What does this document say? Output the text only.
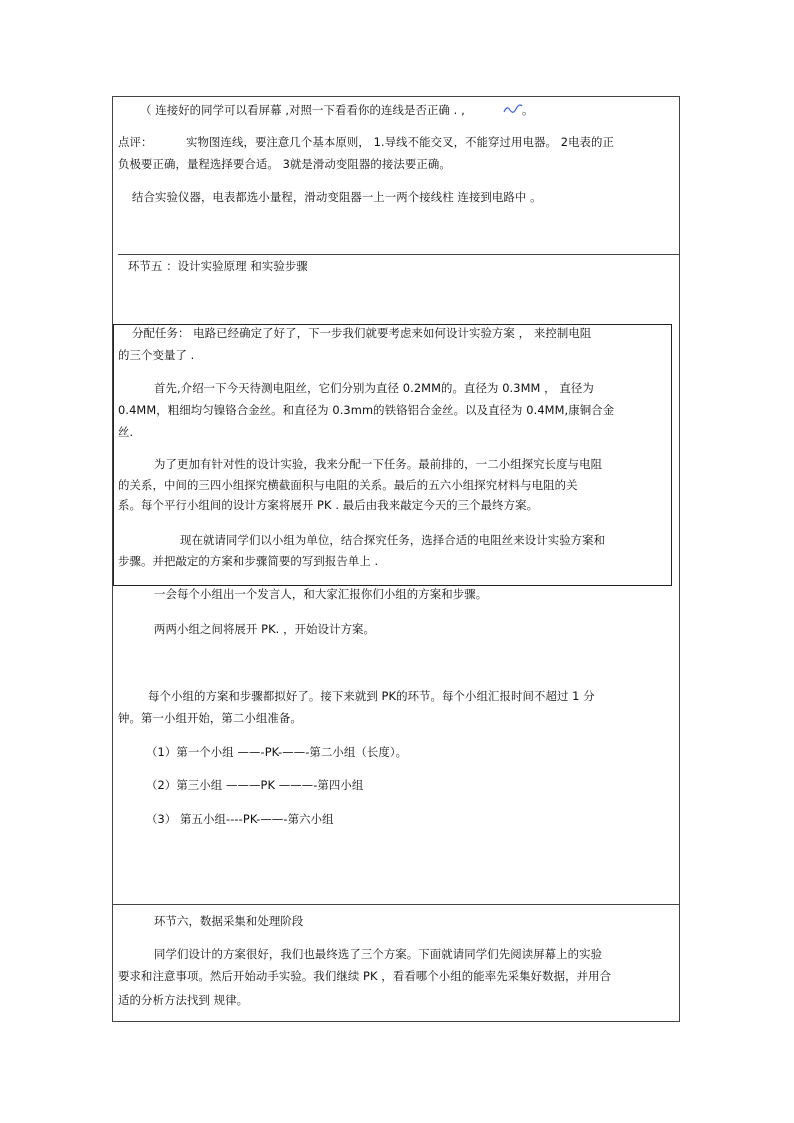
（ 连接好的同学可以看屏幕 ,对照一下看看你的连线是否正确 . ,	。
点评：	实物图连线，要注意几个基本原则， 1.导线不能交叉，不能穿过用电器。 2电表的正
负极要正确，量程选择要合适。 3就是滑动变阻器的接法要正确。
结合实验仪器，电表都选小量程，滑动变阻器一上一两个接线柱 连接到电路中 。
环节五 ：设计实验原理 和实验步骤
分配任务： 电路已经确定了好了，下一步我们就要考虑来如何设计实验方案 ， 来控制电阻
的三个变量了 .
首先,介绍一下今天待测电阻丝，它们分别为直径 0.2MM的。直径为 0.3MM ， 直径为
0.4MM，粗细均匀镍铬合金丝。和直径为 0.3mm的铁铬铝合金丝。以及直径为 0.4MM,康铜合金
丝.
为了更加有针对性的设计实验，我来分配一下任务。最前排的，一二小组探究长度与电阻
的关系，中间的三四小组探究横截面积与电阻的关系。最后的五六小组探究材料与电阻的关
系。每个平行小组间的设计方案将展开 PK . 最后由我来敲定今天的三个最终方案。
现在就请同学们以小组为单位，结合探究任务，选择合适的电阻丝来设计实验方案和
步骤。并把敲定的方案和步骤简要的写到报告单上 .
一会每个小组出一个发言人，和大家汇报你们小组的方案和步骤。
两两小组之间将展开 PK. ，开始设计方案。
每个小组的方案和步骤都拟好了。接下来就到 PK的环节。每个小组汇报时间不超过 1 分
钟。第一小组开始，第二小组准备。
（1）第一个小组 ——-PK-——-第二小组（长度）。
（2）第三小组 ———PK ———-第四小组
（3） 第五小组----PK-——-第六小组
环节六，数据采集和处理阶段
同学们设计的方案很好，我们也最终选了三个方案。下面就请同学们先阅读屏幕上的实验
要求和注意事项。然后开始动手实验。我们继续 PK ，看看哪个小组的能率先采集好数据，并用合
适的分析方法找到 规律。
